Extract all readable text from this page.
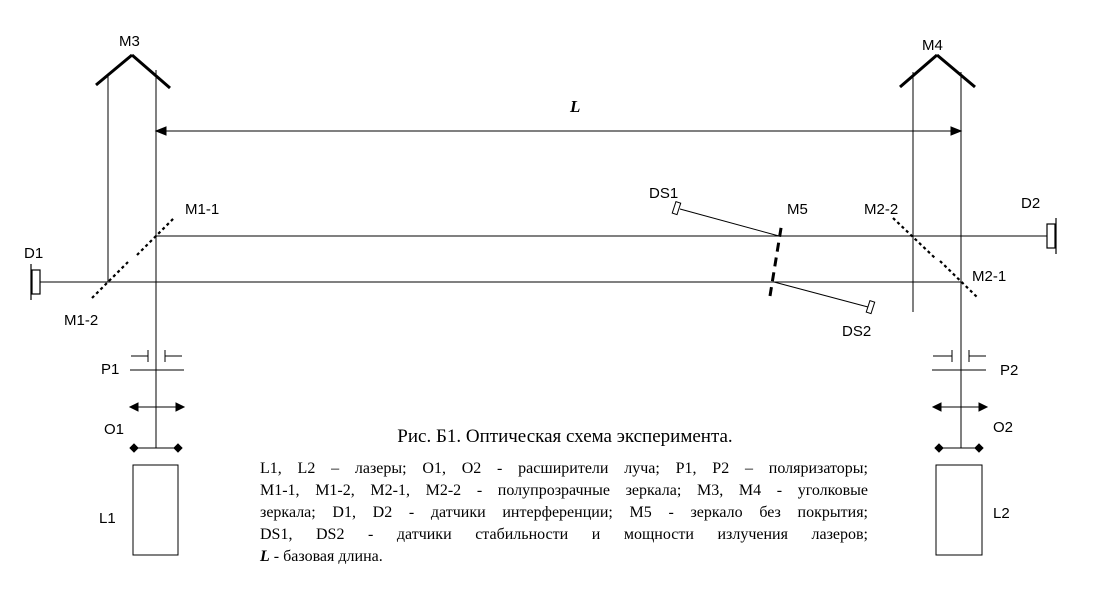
M3	M4
L
M1-1
M1-2
M2-2
M2-1
M5
DS1
DS2
D1
D2
P1	P2
O1	O2
L1	L2
Рис. Б1. Оптическая схема эксперимента.
L1, L2 – лазеры; O1, O2 - расширители луча; P1, P2 – поляризаторы;
M1-1, M1-2, M2-1, M2-2 - полупрозрачные зеркала; M3, M4 - уголковые
зеркала; D1, D2 - датчики интерференции; M5 - зеркало без покрытия;
DS1, DS2 - датчики стабильности и мощности излучения лазеров;
L - базовая длина.
